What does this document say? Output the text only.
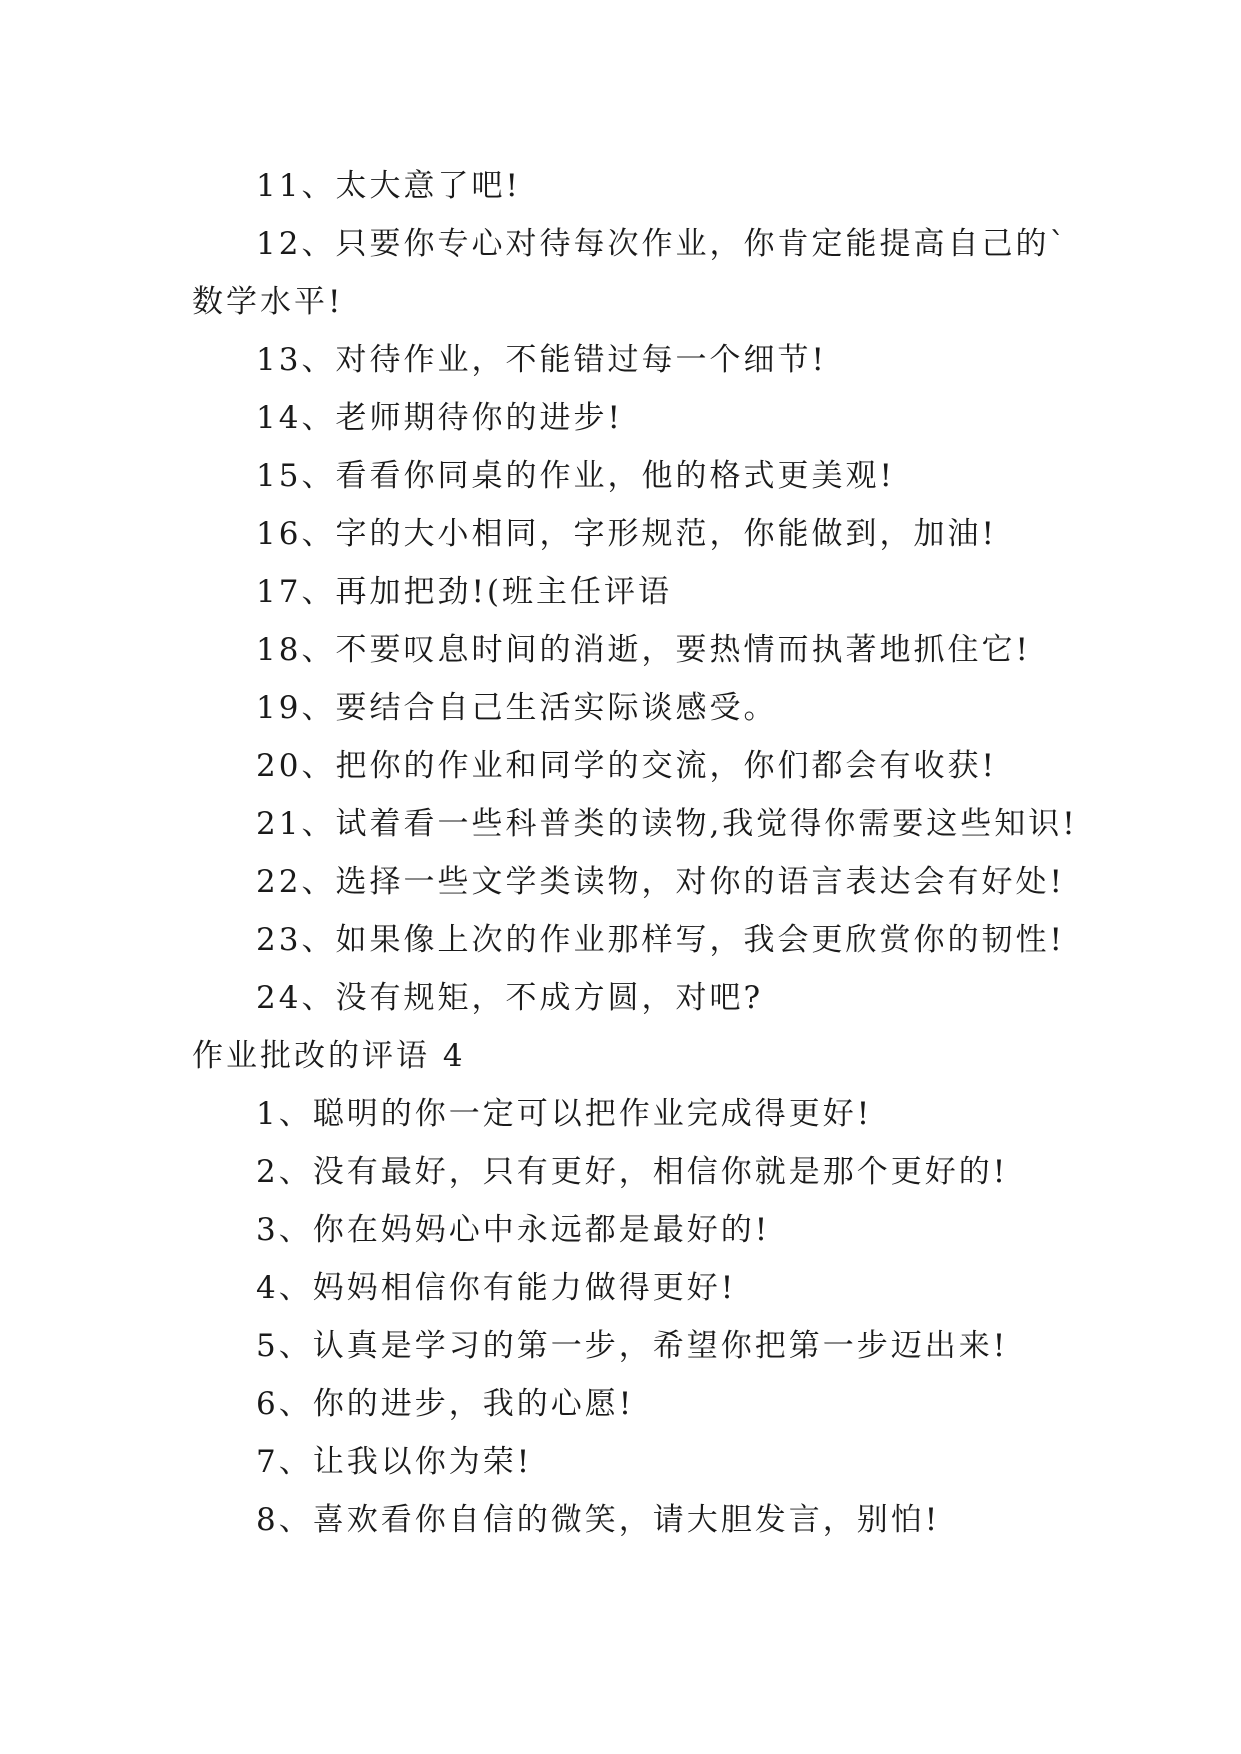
11、太大意了吧!

12、只要你专心对待每次作业，你肯定能提高自己的`

数学水平!

13、对待作业，不能错过每一个细节!

14、老师期待你的进步!

15、看看你同桌的作业，他的格式更美观!

16、字的大小相同，字形规范，你能做到，加油!

17、再加把劲!(班主任评语

18、不要叹息时间的消逝，要热情而执著地抓住它!

19、要结合自己生活实际谈感受。

20、把你的作业和同学的交流，你们都会有收获!

21、试着看一些科普类的读物,我觉得你需要这些知识!

22、选择一些文学类读物，对你的语言表达会有好处!

23、如果像上次的作业那样写，我会更欣赏你的韧性!

24、没有规矩，不成方圆，对吧?

作业批改的评语 4

1、聪明的你一定可以把作业完成得更好!

2、没有最好，只有更好，相信你就是那个更好的!

3、你在妈妈心中永远都是最好的!

4、妈妈相信你有能力做得更好!

5、认真是学习的第一步，希望你把第一步迈出来!

6、你的进步，我的心愿!

7、让我以你为荣!

8、喜欢看你自信的微笑，请大胆发言，别怕!
